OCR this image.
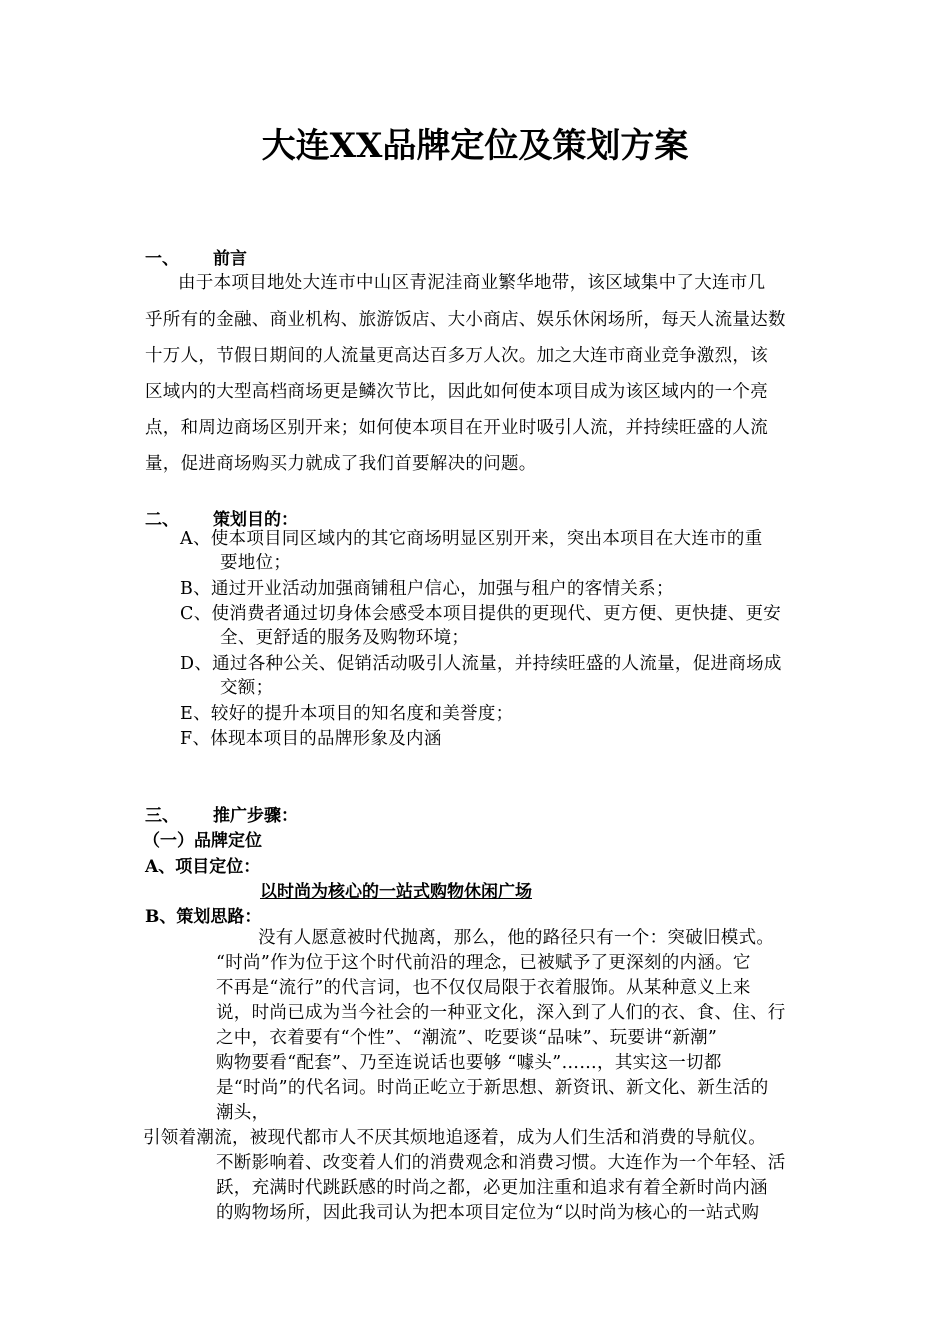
大连XX品牌定位及策划方案
一、 前言
由于本项目地处大连市中山区青泥洼商业繁华地带，该区域集中了大连市几
乎所有的金融、商业机构、旅游饭店、大小商店、娱乐休闲场所，每天人流量达数
十万人，节假日期间的人流量更高达百多万人次。加之大连市商业竞争激烈，该
区域内的大型高档商场更是鳞次节比，因此如何使本项目成为该区域内的一个亮
点，和周边商场区别开来；如何使本项目在开业时吸引人流，并持续旺盛的人流
量，促进商场购买力就成了我们首要解决的问题。
二、 策划目的：
A、使本项目同区域内的其它商场明显区别开来，突出本项目在大连市的重
要地位；
B、通过开业活动加强商铺租户信心，加强与租户的客情关系；
C、使消费者通过切身体会感受本项目提供的更现代、更方便、更快捷、更安
全、更舒适的服务及购物环境；
D、通过各种公关、促销活动吸引人流量，并持续旺盛的人流量，促进商场成
交额；
E、较好的提升本项目的知名度和美誉度；
F、体现本项目的品牌形象及内涵
三、 推广步骤：
（一）品牌定位
A、项目定位：
以时尚为核心的一站式购物休闲广场
B、策划思路：
没有人愿意被时代抛离，那么，他的路径只有一个：突破旧模式。
“时尚”作为位于这个时代前沿的理念，已被赋予了更深刻的内涵。它
不再是“流行”的代言词，也不仅仅局限于衣着服饰。从某种意义上来
说，时尚已成为当今社会的一种亚文化，深入到了人们的衣、食、住、行
之中，衣着要有“个性”、“潮流”、吃要谈“品味”、玩要讲“新潮”
购物要看“配套”、乃至连说话也要够 “噱头”……，其实这一切都
是“时尚”的代名词。时尚正屹立于新思想、新资讯、新文化、新生活的
潮头，
引领着潮流，被现代都市人不厌其烦地追逐着，成为人们生活和消费的导航仪。
不断影响着、改变着人们的消费观念和消费习惯。大连作为一个年轻、活
跃，充满时代跳跃感的时尚之都，必更加注重和追求有着全新时尚内涵
的购物场所，因此我司认为把本项目定位为“以时尚为核心的一站式购
